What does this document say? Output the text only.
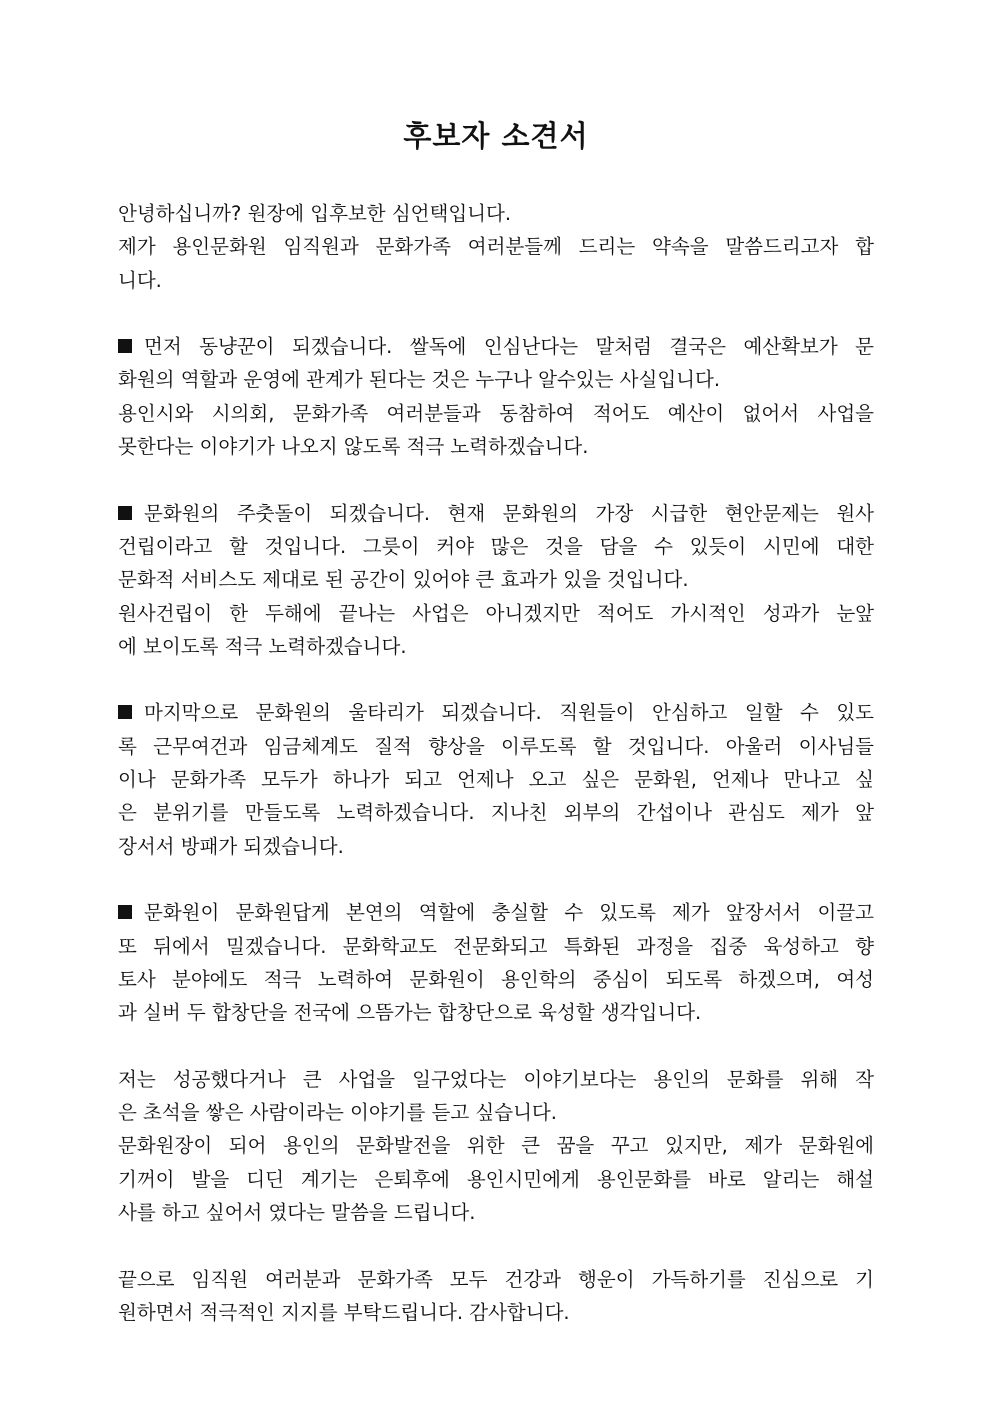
후보자 소견서
안녕하십니까? 원장에 입후보한 심언택입니다.
제가 용인문화원 임직원과 문화가족 여러분들께 드리는 약속을 말씀드리고자 합
니다.
먼저 동냥꾼이 되겠습니다. 쌀독에 인심난다는 말처럼 결국은 예산확보가 문
화원의 역할과 운영에 관계가 된다는 것은 누구나 알수있는 사실입니다.
용인시와 시의회, 문화가족 여러분들과 동참하여 적어도 예산이 없어서 사업을
못한다는 이야기가 나오지 않도록 적극 노력하겠습니다.
문화원의 주춧돌이 되겠습니다. 현재 문화원의 가장 시급한 현안문제는 원사
건립이라고 할 것입니다. 그릇이 커야 많은 것을 담을 수 있듯이 시민에 대한
문화적 서비스도 제대로 된 공간이 있어야 큰 효과가 있을 것입니다.
원사건립이 한 두해에 끝나는 사업은 아니겠지만 적어도 가시적인 성과가 눈앞
에 보이도록 적극 노력하겠습니다.
마지막으로 문화원의 울타리가 되겠습니다. 직원들이 안심하고 일할 수 있도
록 근무여건과 임금체계도 질적 향상을 이루도록 할 것입니다. 아울러 이사님들
이나 문화가족 모두가 하나가 되고 언제나 오고 싶은 문화원, 언제나 만나고 싶
은 분위기를 만들도록 노력하겠습니다. 지나친 외부의 간섭이나 관심도 제가 앞
장서서 방패가 되겠습니다.
문화원이 문화원답게 본연의 역할에 충실할 수 있도록 제가 앞장서서 이끌고
또 뒤에서 밀겠습니다. 문화학교도 전문화되고 특화된 과정을 집중 육성하고 향
토사 분야에도 적극 노력하여 문화원이 용인학의 중심이 되도록 하겠으며, 여성
과 실버 두 합창단을 전국에 으뜸가는 합창단으로 육성할 생각입니다.
저는 성공했다거나 큰 사업을 일구었다는 이야기보다는 용인의 문화를 위해 작
은 초석을 쌓은 사람이라는 이야기를 듣고 싶습니다.
문화원장이 되어 용인의 문화발전을 위한 큰 꿈을 꾸고 있지만, 제가 문화원에
기꺼이 발을 디딘 계기는 은퇴후에 용인시민에게 용인문화를 바로 알리는 해설
사를 하고 싶어서 였다는 말씀을 드립니다.
끝으로 임직원 여러분과 문화가족 모두 건강과 행운이 가득하기를 진심으로 기
원하면서 적극적인 지지를 부탁드립니다. 감사합니다.
